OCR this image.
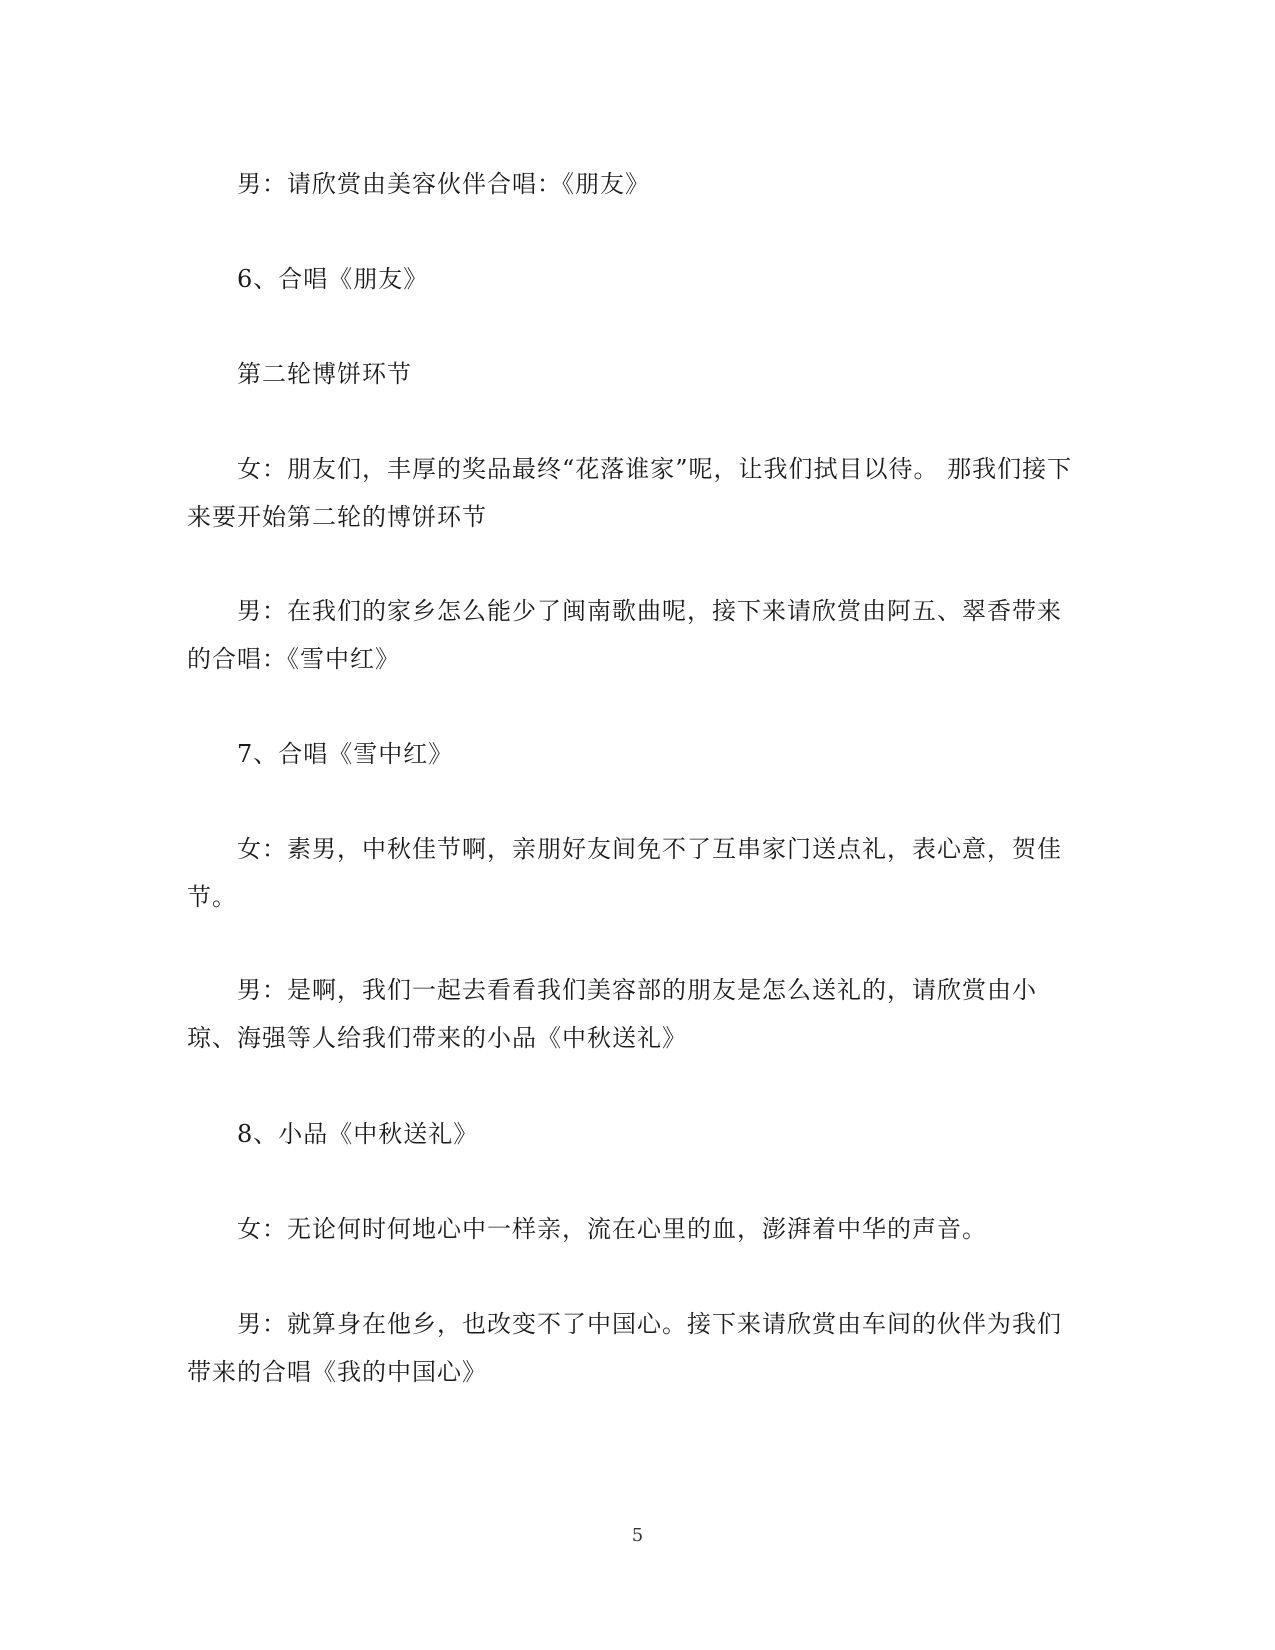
男：请欣赏由美容伙伴合唱：《朋友》
6、合唱《朋友》
第二轮博饼环节
女：朋友们，丰厚的奖品最终“花落谁家”呢，让我们拭目以待。 那我们接下来要开始第二轮的博饼环节
男：在我们的家乡怎么能少了闽南歌曲呢，接下来请欣赏由阿五、翠香带来的合唱：《雪中红》
7、合唱《雪中红》
女：素男，中秋佳节啊，亲朋好友间免不了互串家门送点礼，表心意，贺佳节。
男：是啊，我们一起去看看我们美容部的朋友是怎么送礼的，请欣赏由小琼、海强等人给我们带来的小品《中秋送礼》
8、小品《中秋送礼》
女：无论何时何地心中一样亲，流在心里的血，澎湃着中华的声音。
男：就算身在他乡，也改变不了中国心。接下来请欣赏由车间的伙伴为我们带来的合唱《我的中国心》
5
